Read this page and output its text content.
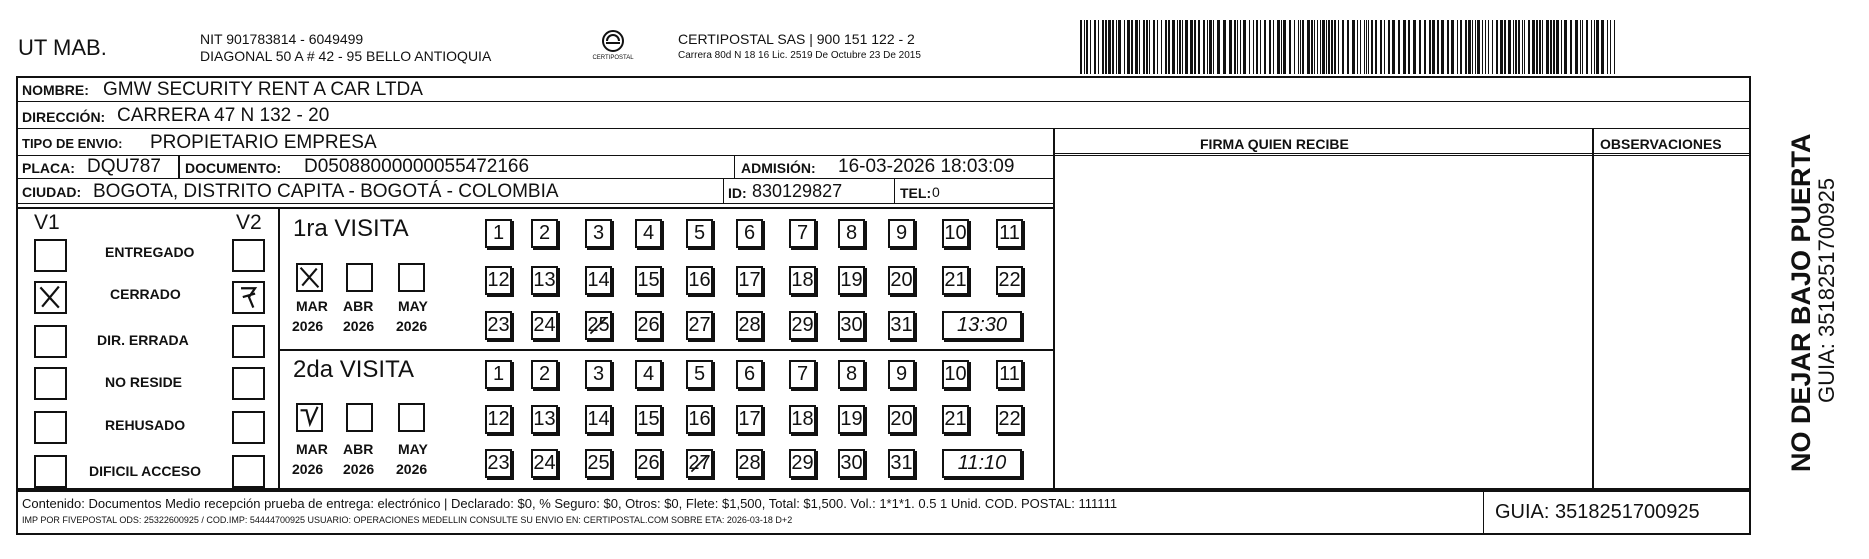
UT MAB.	NIT 901783814 - 6049499
DIAGONAL 50 A # 42 - 95 BELLO ANTIOQUIA	CERTIPOSTAL
CERTIPOSTAL SAS | 900 151 122 - 2
Carrera 80d N 18 16 Lic. 2519 De Octubre 23 De 2015
NOMBRE: GMW SECURITY RENT A CAR LTDA
DIRECCIÓN: CARRERA 47 N 132 - 20
TIPO DE ENVIO: PROPIETARIO EMPRESA	FIRMA QUIEN RECIBE	OBSERVACIONES
PLACA: DQU787 DOCUMENTO: D05088000000055472166	ADMISIÓN: 16-03-2026 18:03:09
CIUDAD: BOGOTA, DISTRITO CAPITA - BOGOTÁ - COLOMBIA	ID: 830129827	TEL: 0
V1	V2
ENTREGADO
CERRADO
DIR. ERRADA
NO RESIDE
REHUSADO
DIFICIL ACCESO
1ra VISITA
2da VISITA
MAR ABR MAY
2026 2026 2026
MAR ABR MAY
2026 2026 2026
1	2	3	4	5	6	7	8	9	10 11
12 13 14 15 16 17 18 19 20 21 22
23 24 25 26 27 28 29 30 31	13:30
1	2	3	4	5	6	7	8	9	10 11
12 13 14 15 16 17 18 19 20 21 22
23 24 25 26 27 28 29 30 31	11:10	NO DEJAR BAJO PUERTA
GUIA: 3518251700925
Contenido: Documentos Medio recepción prueba de entrega: electrónico | Declarado: $0, % Seguro: $0, Otros: $0, Flete: $1,500, Total: $1,500. Vol.: 1*1*1. 0.5 1 Unid. COD. POSTAL: 111111
IMP POR FIVEPOSTAL ODS: 25322600925 / COD.IMP: 54444700925 USUARIO: OPERACIONES MEDELLIN CONSULTE SU ENVIO EN: CERTIPOSTAL.COM SOBRE ETA: 2026-03-18 D+2	GUIA: 3518251700925
